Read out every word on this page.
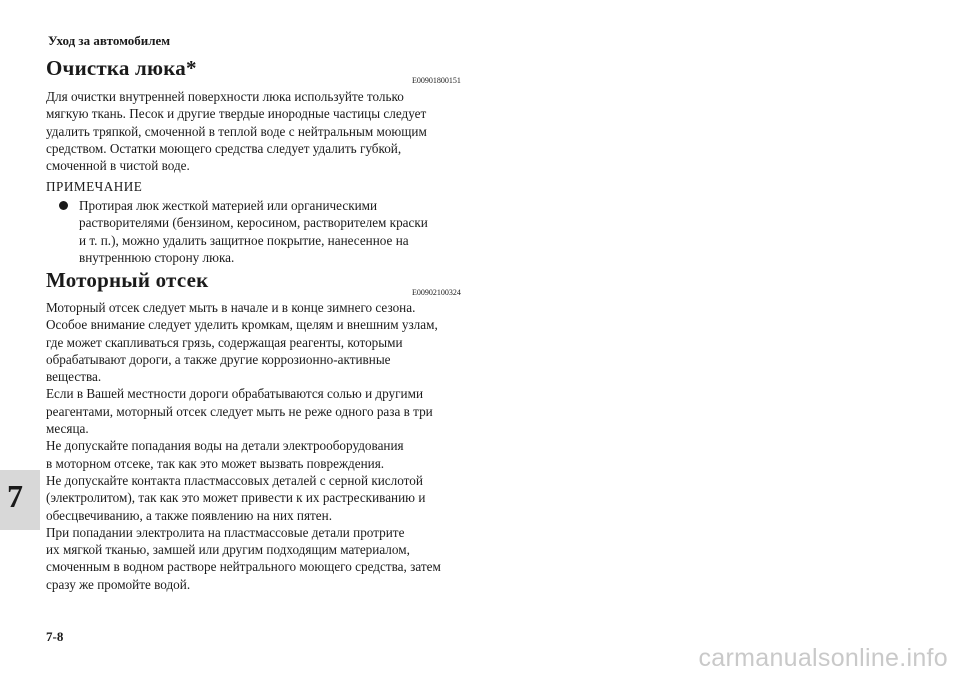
Уход за автомобилем
Очистка люка*
E00901800151
Для очистки внутренней поверхности люка используйте только
мягкую ткань. Песок и другие твердые инородные частицы следует
удалить тряпкой, смоченной в теплой воде с нейтральным моющим
средством. Остатки моющего средства следует удалить губкой,
смоченной в чистой воде.
ПРИМЕЧАНИЕ
Протирая люк жесткой материей или органическими
растворителями (бензином, керосином, растворителем краски
и т. п.), можно удалить защитное покрытие, нанесенное на
внутреннюю сторону люка.
Моторный отсек
E00902100324
Моторный отсек следует мыть в начале и в конце зимнего сезона.
Особое внимание следует уделить кромкам, щелям и внешним узлам,
где может скапливаться грязь, содержащая реагенты, которыми
обрабатывают дороги, а также другие коррозионно-активные
вещества.
Если в Вашей местности дороги обрабатываются солью и другими
реагентами, моторный отсек следует мыть не реже одного раза в три
месяца.
Не допускайте попадания воды на детали электрооборудования
в моторном отсеке, так как это может вызвать повреждения.
Не допускайте контакта пластмассовых деталей с серной кислотой
(электролитом), так как это может привести к их растрескиванию и
обесцвечиванию, а также появлению на них пятен.
При попадании электролита на пластмассовые детали протрите
их мягкой тканью, замшей или другим подходящим материалом,
смоченным в водном растворе нейтрального моющего средства, затем
сразу же промойте водой.
7
7-8
carmanualsonline.info
